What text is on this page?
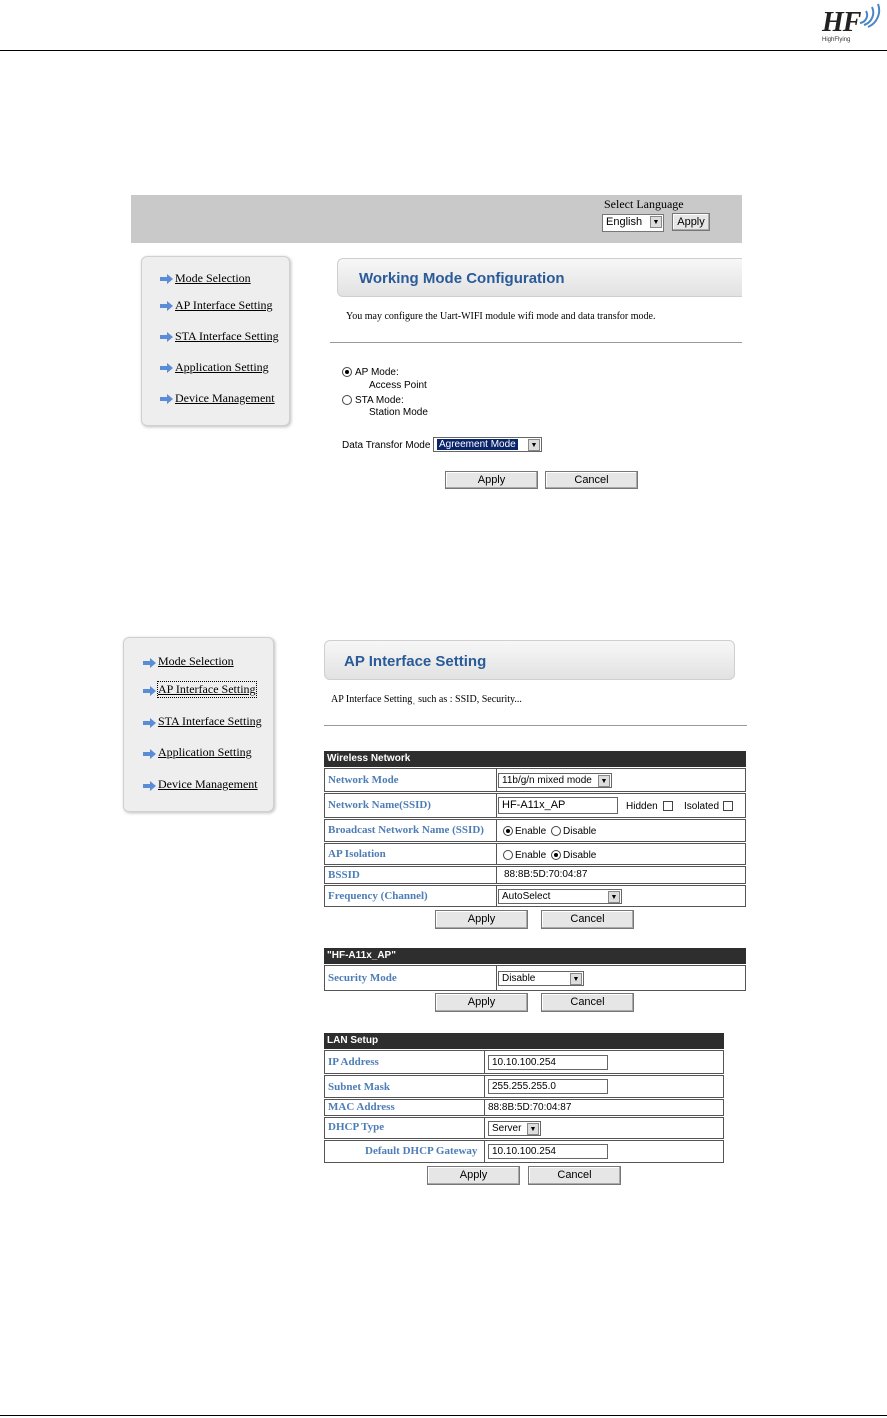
HF
HighFlying
Select Language
English	▼	Apply
Mode Selection
AP Interface Setting
STA Interface Setting
Application Setting
Device Management
Working Mode Configuration
You may configure the Uart-WIFI module wifi mode and data transfor mode.
AP Mode:
Access Point
STA Mode:
Station Mode
Data Transfor Mode Agreement Mode	▼
Apply	Cancel
Mode Selection
AP Interface Setting
STA Interface Setting
Application Setting
Device Management
AP Interface Setting
AP Interface Settingˌ such as : SSID, Security...
Wireless Network
Network Mode	11b/g/n mixed mode	▼
Network Name(SSID)	HF-A11x_AP	Hidden	Isolated
Broadcast Network Name (SSID)	Enable Disable
AP Isolation	Enable Disable
BSSID	88:8B:5D:70:04:87
Frequency (Channel)	AutoSelect	▼
Apply	Cancel
"HF-A11x_AP"
Security Mode	Disable	▼
Apply	Cancel
LAN Setup
IP Address	10.10.100.254
Subnet Mask	255.255.255.0
MAC Address	88:8B:5D:70:04:87
DHCP Type	Server	▼
Default DHCP Gateway	10.10.100.254
Apply	Cancel
